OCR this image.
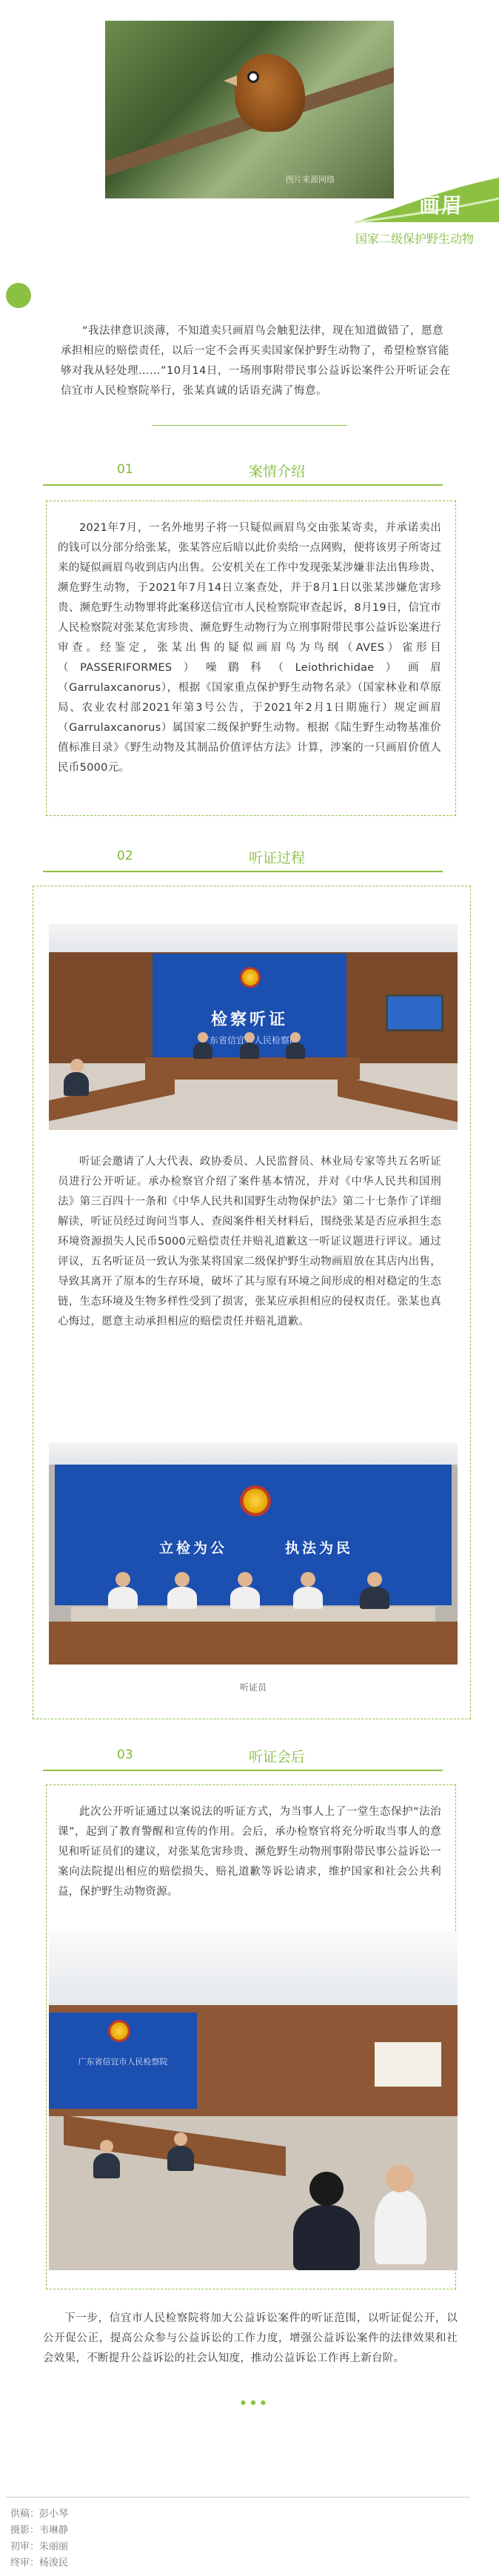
图片来源网络
画眉
国家二级保护野生动物
“我法律意识淡薄，不知道卖只画眉鸟会触犯法律，现在知道做错了，愿意承担相应的赔偿责任，以后一定不会再买卖国家保护野生动物了，希望检察官能够对我从轻处理……”10月14日，一场刑事附带民事公益诉讼案件公开听证会在信宜市人民检察院举行，张某真诚的话语充满了悔意。
01	案情介绍
2021年7月，一名外地男子将一只疑似画眉鸟交由张某寄卖，并承诺卖出的钱可以分部分给张某，张某答应后暗以此价卖给一点网购，便将该男子所寄过来的疑似画眉鸟收到店内出售。公安机关在工作中发现张某涉嫌非法出售珍贵、濒危野生动物，于2021年7月14日立案查处，并于8月1日以张某涉嫌危害珍贵、濒危野生动物罪将此案移送信宜市人民检察院审查起诉，8月19日，信宜市人民检察院对张某危害珍贵、濒危野生动物行为立刑事附带民事公益诉讼案进行审查。经鉴定，张某出售的疑似画眉鸟为鸟纲（AVES）雀形目（PASSERIFORMES）噪鹛科（Leiothrichidae）画眉（Garrulaxcanorus），根据《国家重点保护野生动物名录》（国家林业和草原局、农业农村部2021年第3号公告，于2021年2月1日期施行）规定画眉（Garrulaxcanorus）属国家二级保护野生动物。根据《陆生野生动物基准价值标准目录》《野生动物及其制品价值评估方法》计算，涉案的一只画眉价值人民币5000元。
02	听证过程
检察听证
听证会邀请了人大代表、政协委员、人民监督员、林业局专家等共五名听证员进行公开听证。承办检察官介绍了案件基本情况，并对《中华人民共和国刑法》第三百四十一条和《中华人民共和国野生动物保护法》第二十七条作了详细解读，听证员经过询问当事人、查阅案件相关材料后，围绕张某是否应承担生态环境资源损失人民币5000元赔偿责任并赔礼道歉这一听证议题进行评议。通过评议，五名听证员一致认为张某将国家二级保护野生动物画眉放在其店内出售，导致其离开了原本的生存环境，破坏了其与原有环境之间形成的相对稳定的生态链，生态环境及生物多样性受到了损害，张某应承担相应的侵权责任。张某也真心悔过，愿意主动承担相应的赔偿责任并赔礼道歉。
立检为公	执法为民
听证员
03	听证会后
此次公开听证通过以案说法的听证方式，为当事人上了一堂生态保护“法治课”，起到了教育警醒和宣传的作用。会后，承办检察官将充分听取当事人的意见和听证员们的建议，对张某危害珍贵、濒危野生动物刑事附带民事公益诉讼一案向法院提出相应的赔偿损失、赔礼道歉等诉讼请求，维护国家和社会公共利益，保护野生动物资源。
广东省信宜市人民检察院
下一步，信宜市人民检察院将加大公益诉讼案件的听证范围，以听证促公开，以公开促公正，提高公众参与公益诉讼的工作力度，增强公益诉讼案件的法律效果和社会效果，不断提升公益诉讼的社会认知度，推动公益诉讼工作再上新台阶。
● ● ●
供稿：彭小琴
摄影：韦琳静
初审：朱丽丽
终审：杨浚民
